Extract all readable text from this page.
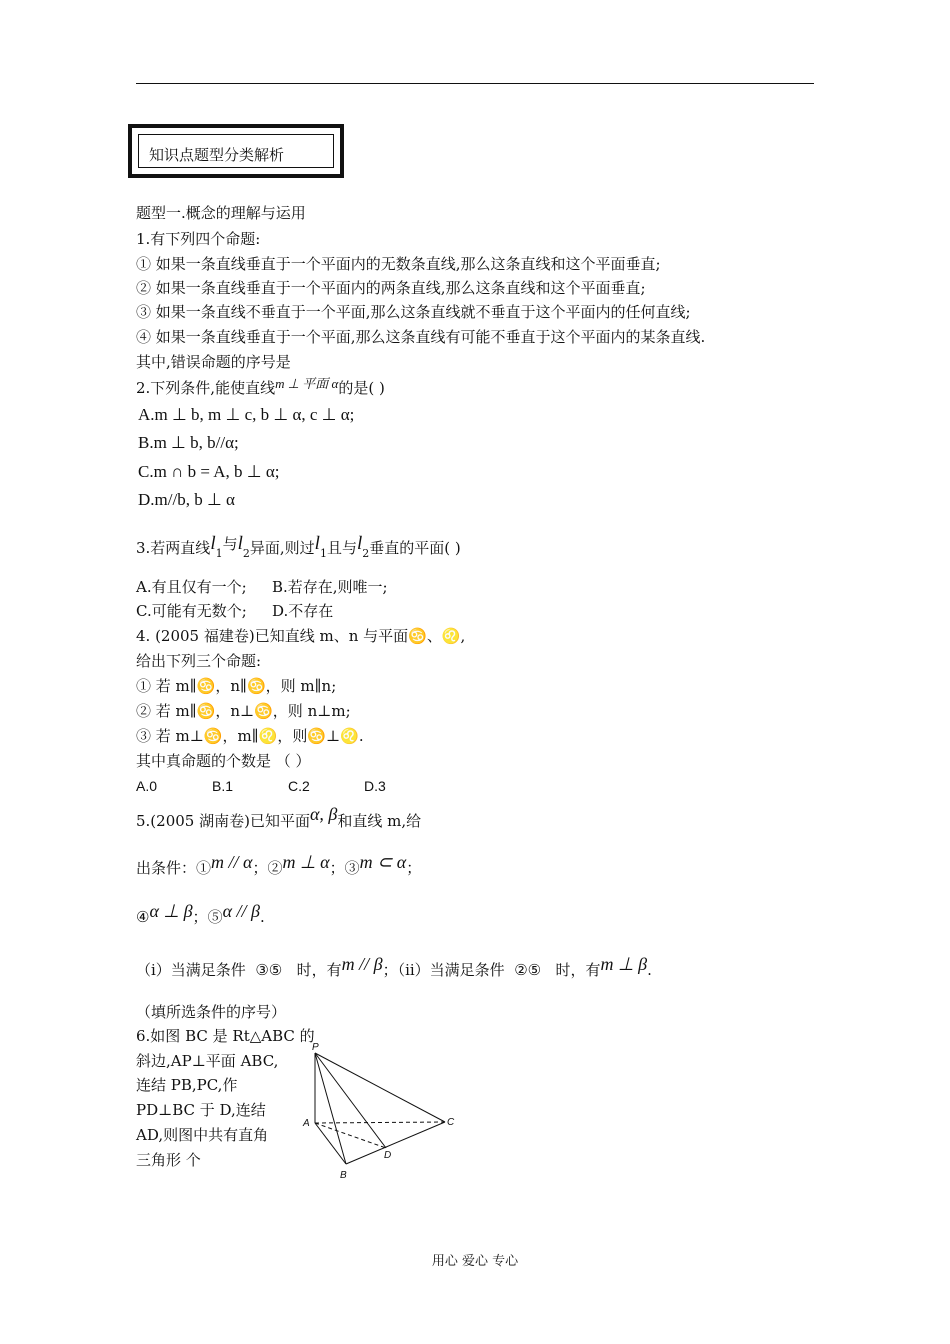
知识点题型分类解析
题型一.概念的理解与运用
1.有下列四个命题:
① 如果一条直线垂直于一个平面内的无数条直线,那么这条直线和这个平面垂直;
② 如果一条直线垂直于一个平面内的两条直线,那么这条直线和这个平面垂直;
③ 如果一条直线不垂直于一个平面,那么这条直线就不垂直于这个平面内的任何直线;
④ 如果一条直线垂直于一个平面,那么这条直线有可能不垂直于这个平面内的某条直线.
其中,错误命题的序号是
2.下列条件,能使直线m ⊥ 平面 α的是( )
A.m ⊥ b, m ⊥ c, b ⊥ α, c ⊥ α;
B.m ⊥ b, b//α;
C.m ∩ b = A, b ⊥ α;
D.m//b, b ⊥ α
3.若两直线$l_1$与$l_2$异面,则过$l_1$且与$l_2$垂直的平面( )
A.有且仅有一个; B.若存在,则唯一;
C.可能有无数个; D.不存在
4. (2005 福建卷)已知直线 m、n 与平面♋、♌,
给出下列三个命题:
① 若 m∥♋，n∥♋，则 m∥n;
② 若 m∥♋，n⊥♋，则 n⊥m;
③ 若 m⊥♋，m∥♌，则♋⊥♌.
其中真命题的个数是 （ ）
A.0	B.1	C.2	D.3
5.(2005 湖南卷)已知平面α, β和直线 m,给
出条件：①m // α；②m ⊥ α；③m ⊂ α；
④α ⊥ β；⑤α // β.
（i）当满足条件 ③⑤ 时，有m // β；（ii）当满足条件 ②⑤ 时，有m ⊥ β.
（填所选条件的序号）
6.如图 BC 是 Rt△ABC 的
斜边,AP⊥平面 ABC,
连结 PB,PC,作
PD⊥BC 于 D,连结
AD,则图中共有直角
三角形 个
P
A
B
C
D
用心 爱心 专心
